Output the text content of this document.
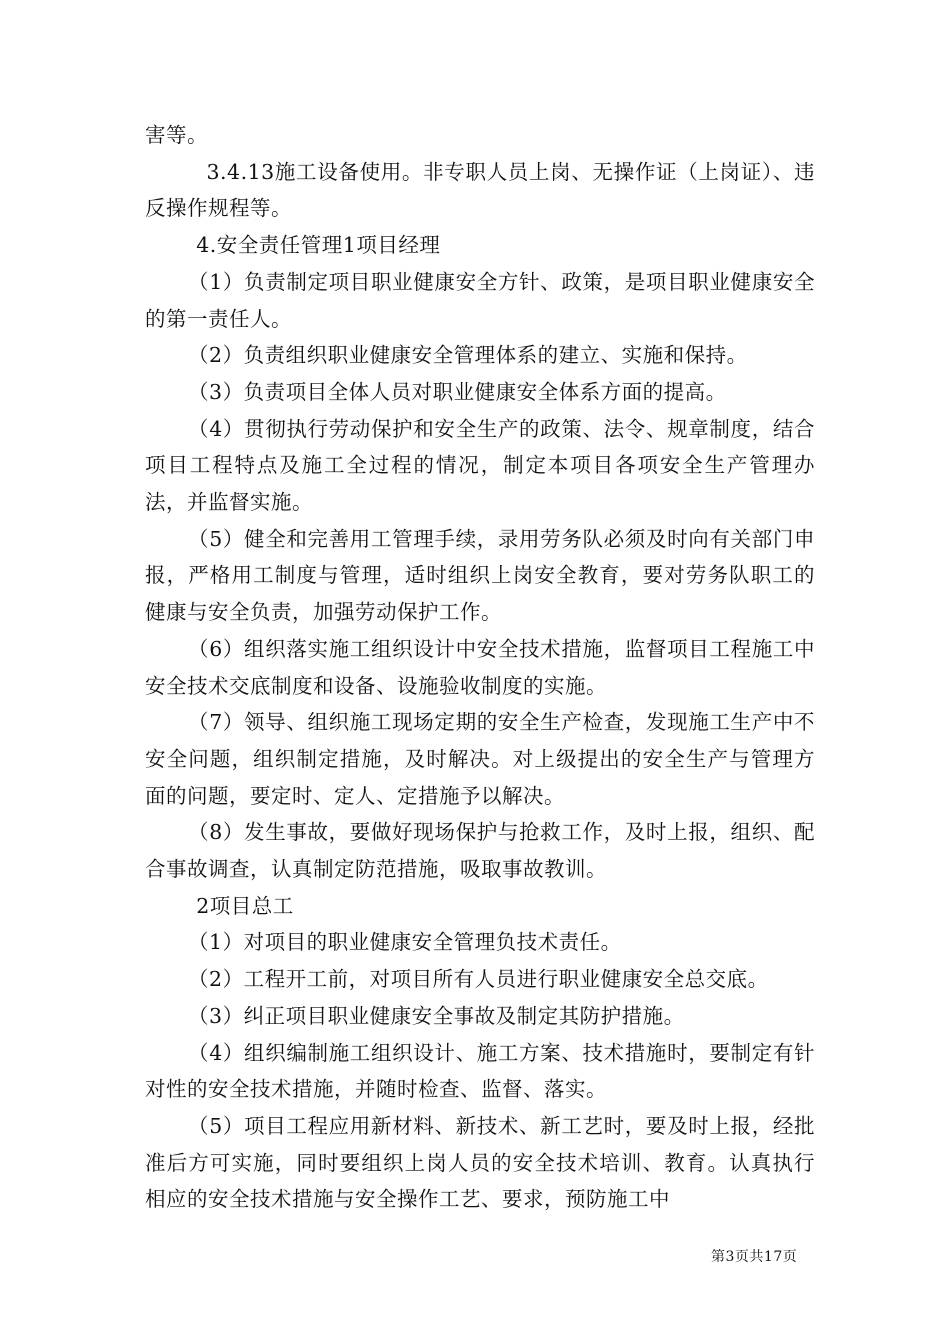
害等。

3.4.13施工设备使用。非专职人员上岗、无操作证（上岗证）、违反操作规程等。

4.安全责任管理1项目经理

（1）负责制定项目职业健康安全方针、政策，是项目职业健康安全的第一责任人。

（2）负责组织职业健康安全管理体系的建立、实施和保持。

（3）负责项目全体人员对职业健康安全体系方面的提高。

（4）贯彻执行劳动保护和安全生产的政策、法令、规章制度，结合项目工程特点及施工全过程的情况，制定本项目各项安全生产管理办法，并监督实施。

（5）健全和完善用工管理手续，录用劳务队必须及时向有关部门申报，严格用工制度与管理，适时组织上岗安全教育，要对劳务队职工的健康与安全负责，加强劳动保护工作。

（6）组织落实施工组织设计中安全技术措施，监督项目工程施工中安全技术交底制度和设备、设施验收制度的实施。

（7）领导、组织施工现场定期的安全生产检查，发现施工生产中不安全问题，组织制定措施，及时解决。对上级提出的安全生产与管理方面的问题，要定时、定人、定措施予以解决。

（8）发生事故，要做好现场保护与抢救工作，及时上报，组织、配合事故调查，认真制定防范措施，吸取事故教训。

2项目总工

（1）对项目的职业健康安全管理负技术责任。

（2）工程开工前，对项目所有人员进行职业健康安全总交底。

（3）纠正项目职业健康安全事故及制定其防护措施。

（4）组织编制施工组织设计、施工方案、技术措施时，要制定有针对性的安全技术措施，并随时检查、监督、落实。

（5）项目工程应用新材料、新技术、新工艺时，要及时上报，经批准后方可实施，同时要组织上岗人员的安全技术培训、教育。认真执行相应的安全技术措施与安全操作工艺、要求，预防施工中

第3页共17页
